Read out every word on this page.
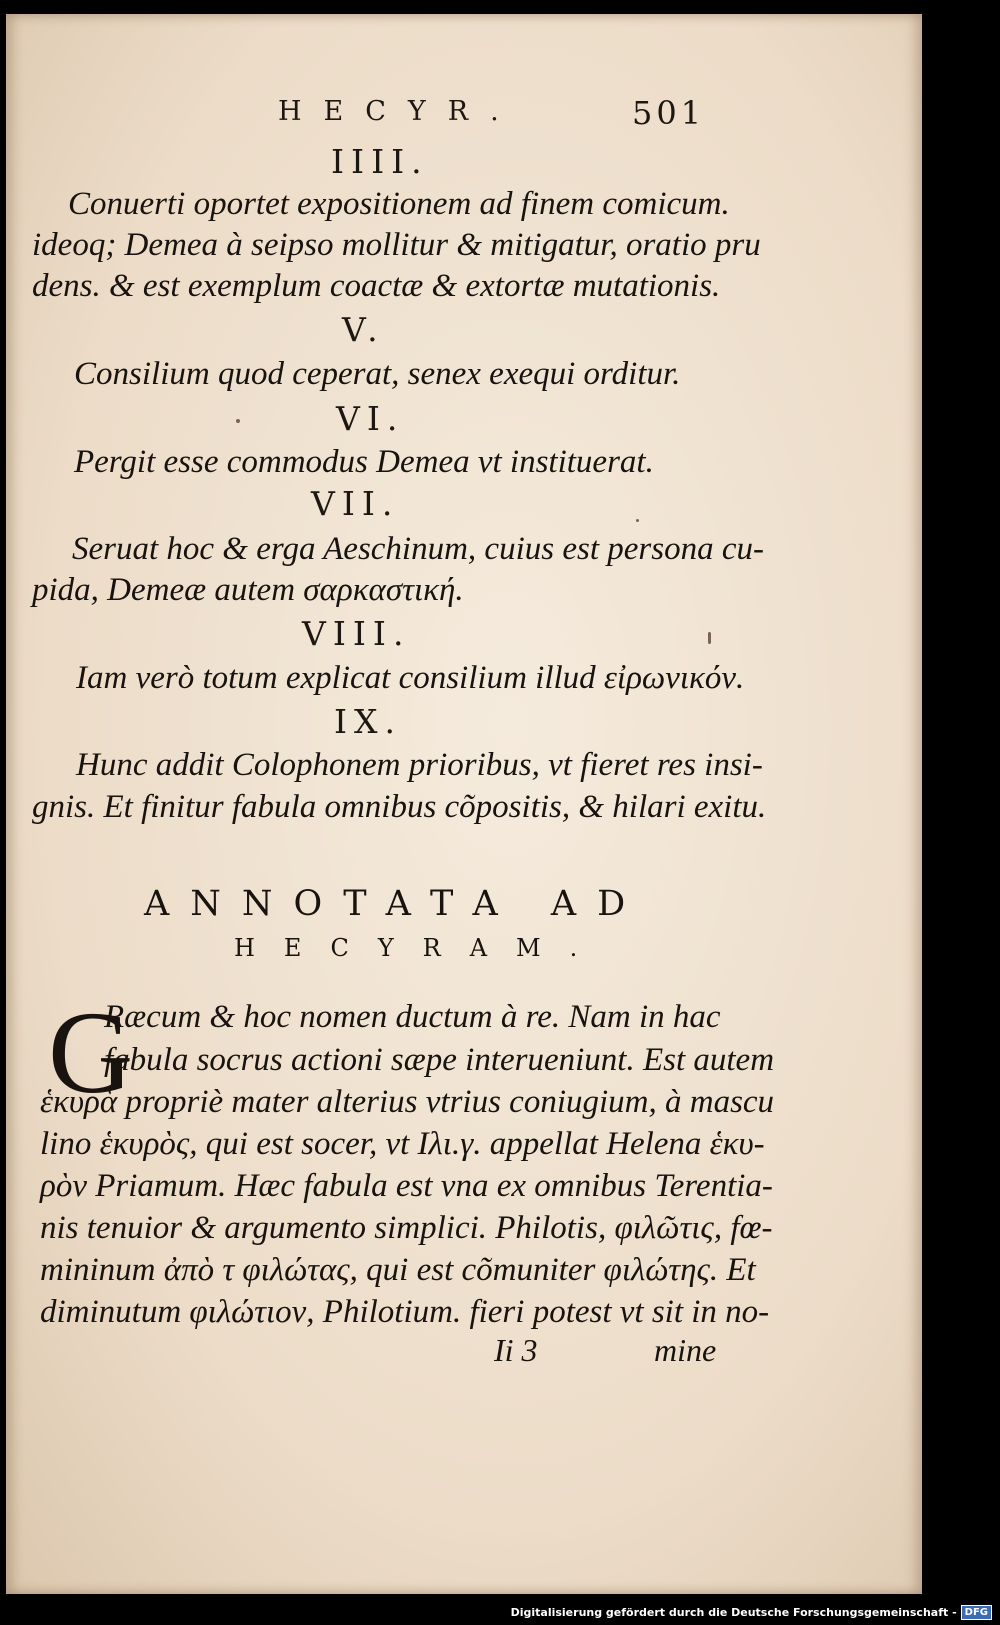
HECYR.	501
IIII.
Conuerti oportet expositionem ad finem comicum.
ideoq; Demea à seipso mollitur & mitigatur, oratio pru
dens. & est exemplum coactæ & extortæ mutationis.
V.
Consilium quod ceperat, senex exequi orditur.
VI.
Pergit esse commodus Demea vt instituerat.
VII.
Seruat hoc & erga Aeschinum, cuius est persona cu-
pida, Demeæ autem σαρκαστική.
VIII.
Iam verò totum explicat consilium illud εἰρωνικόν.
IX.
Hunc addit Colophonem prioribus, vt fieret res insi-
gnis. Et finitur fabula omnibus cõpositis, & hilari exitu.
ANNOTATA AD
HECYRAM.
G
Ræcum & hoc nomen ductum à re. Nam in hac
fabula socrus actioni sæpe interueniunt. Est autem
ἑκυρὰ propriè mater alterius vtrius coniugium, à mascu
lino ἑκυρὸς, qui est socer, vt Ιλι.γ. appellat Helena ἑκυ-
ρὸν Priamum. Hæc fabula est vna ex omnibus Terentia-
nis tenuior & argumento simplici. Philotis, φιλῶτις, fœ-
mininum ἀπὸ τ φιλώτας, qui est cõmuniter φιλώτης. Et
diminutum φιλώτιον, Philotium. fieri potest vt sit in no-
Ii 3	mine
Digitalisierung gefördert durch die Deutsche Forschungsgemeinschaft - DFG
